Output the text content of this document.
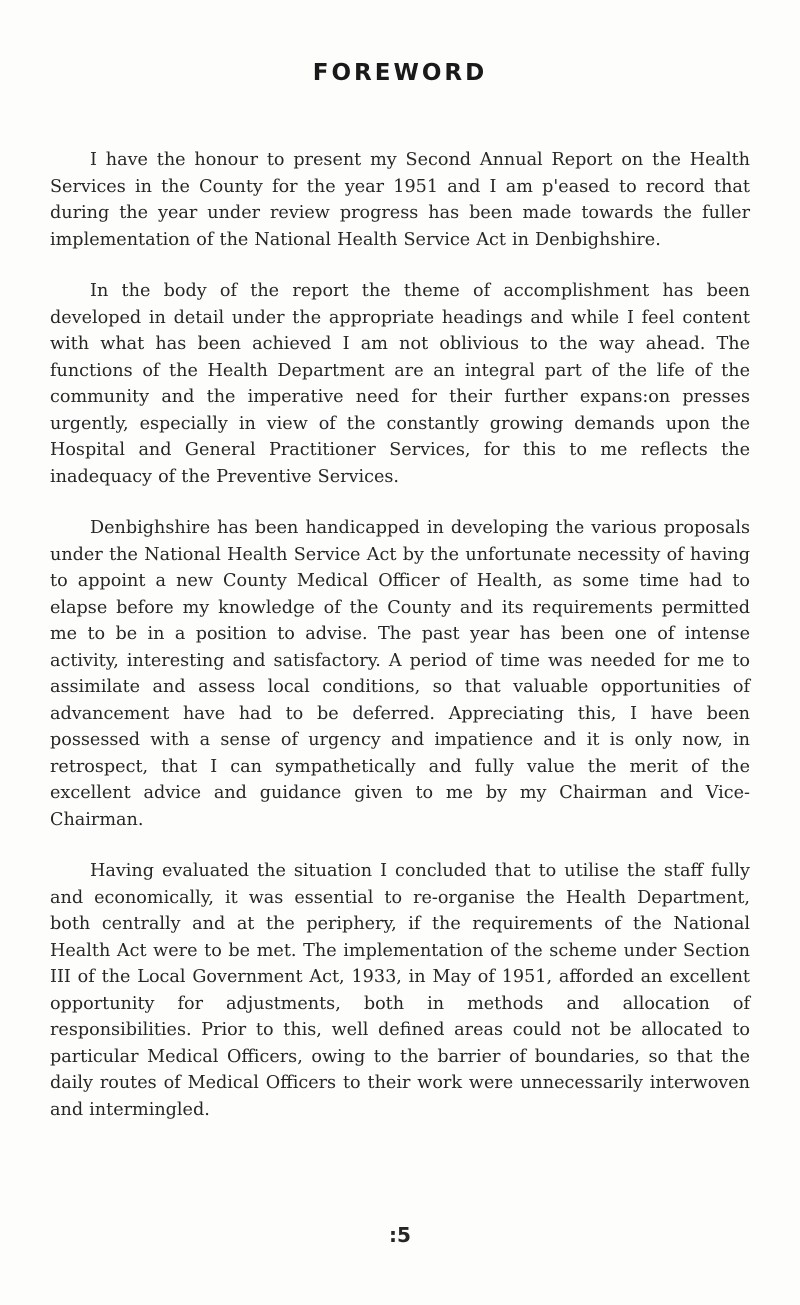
FOREWORD

I have the honour to present my Second Annual Report on the Health Services in the County for the year 1951 and I am p'eased to record that during the year under review progress has been made towards the fuller implementation of the National Health Service Act in Denbighshire.

In the body of the report the theme of accomplishment has been developed in detail under the appropriate headings and while I feel content with what has been achieved I am not oblivious to the way ahead. The functions of the Health Department are an integral part of the life of the community and the imperative need for their further expans:on presses urgently, especially in view of the constantly growing demands upon the Hospital and General Practitioner Services, for this to me reflects the inadequacy of the Preventive Services.

Denbighshire has been handicapped in developing the various proposals under the National Health Service Act by the unfortunate necessity of having to appoint a new County Medical Officer of Health, as some time had to elapse before my knowledge of the County and its requirements permitted me to be in a position to advise. The past year has been one of intense activity, interesting and satisfactory. A period of time was needed for me to assimilate and assess local conditions, so that valuable opportunities of advancement have had to be deferred. Appreciating this, I have been possessed with a sense of urgency and impatience and it is only now, in retrospect, that I can sympathetically and fully value the merit of the excellent advice and guidance given to me by my Chairman and Vice-Chairman.

Having evaluated the situation I concluded that to utilise the staff fully and economically, it was essential to re-organise the Health Department, both centrally and at the periphery, if the requirements of the National Health Act were to be met. The implementation of the scheme under Section III of the Local Government Act, 1933, in May of 1951, afforded an excellent opportunity for adjustments, both in methods and allocation of responsibilities. Prior to this, well defined areas could not be allocated to particular Medical Officers, owing to the barrier of boundaries, so that the daily routes of Medical Officers to their work were unnecessarily interwoven and intermingled.

:5
